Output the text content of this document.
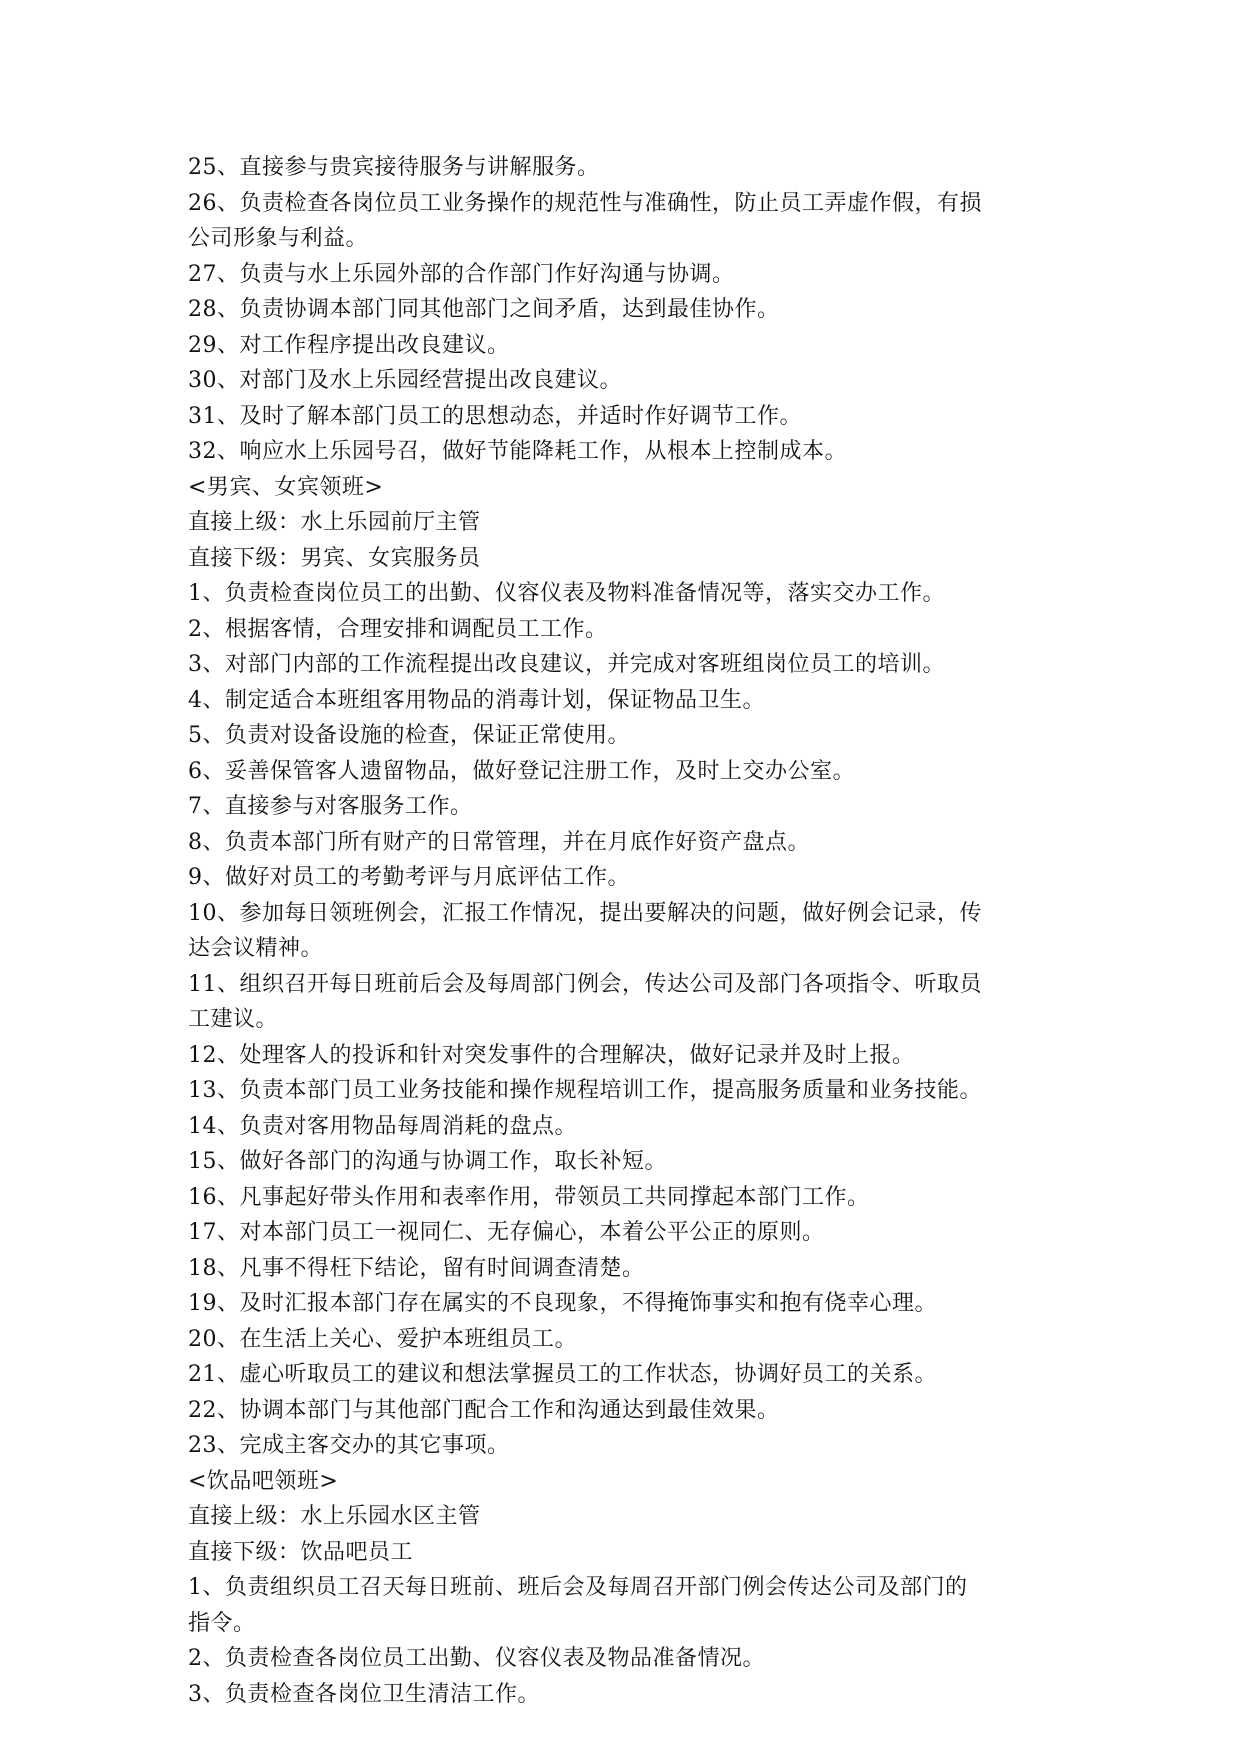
25、直接参与贵宾接待服务与讲解服务。
26、负责检查各岗位员工业务操作的规范性与准确性，防止员工弄虚作假，有损
公司形象与利益。
27、负责与水上乐园外部的合作部门作好沟通与协调。
28、负责协调本部门同其他部门之间矛盾，达到最佳协作。
29、对工作程序提出改良建议。
30、对部门及水上乐园经营提出改良建议。
31、及时了解本部门员工的思想动态，并适时作好调节工作。
32、响应水上乐园号召，做好节能降耗工作，从根本上控制成本。
<男宾、女宾领班>
直接上级：水上乐园前厅主管
直接下级：男宾、女宾服务员
1、负责检查岗位员工的出勤、仪容仪表及物料准备情况等，落实交办工作。
2、根据客情，合理安排和调配员工工作。
3、对部门内部的工作流程提出改良建议，并完成对客班组岗位员工的培训。
4、制定适合本班组客用物品的消毒计划，保证物品卫生。
5、负责对设备设施的检查，保证正常使用。
6、妥善保管客人遗留物品，做好登记注册工作，及时上交办公室。
7、直接参与对客服务工作。
8、负责本部门所有财产的日常管理，并在月底作好资产盘点。
9、做好对员工的考勤考评与月底评估工作。
10、参加每日领班例会，汇报工作情况，提出要解决的问题，做好例会记录，传
达会议精神。
11、组织召开每日班前后会及每周部门例会，传达公司及部门各项指令、听取员
工建议。
12、处理客人的投诉和针对突发事件的合理解决，做好记录并及时上报。
13、负责本部门员工业务技能和操作规程培训工作，提高服务质量和业务技能。
14、负责对客用物品每周消耗的盘点。
15、做好各部门的沟通与协调工作，取长补短。
16、凡事起好带头作用和表率作用，带领员工共同撑起本部门工作。
17、对本部门员工一视同仁、无存偏心，本着公平公正的原则。
18、凡事不得枉下结论，留有时间调查清楚。
19、及时汇报本部门存在属实的不良现象，不得掩饰事实和抱有侥幸心理。
20、在生活上关心、爱护本班组员工。
21、虚心听取员工的建议和想法掌握员工的工作状态，协调好员工的关系。
22、协调本部门与其他部门配合工作和沟通达到最佳效果。
23、完成主客交办的其它事项。
<饮品吧领班>
直接上级：水上乐园水区主管
直接下级：饮品吧员工
1、负责组织员工召天每日班前、班后会及每周召开部门例会传达公司及部门的
指令。
2、负责检查各岗位员工出勤、仪容仪表及物品准备情况。
3、负责检查各岗位卫生清洁工作。
